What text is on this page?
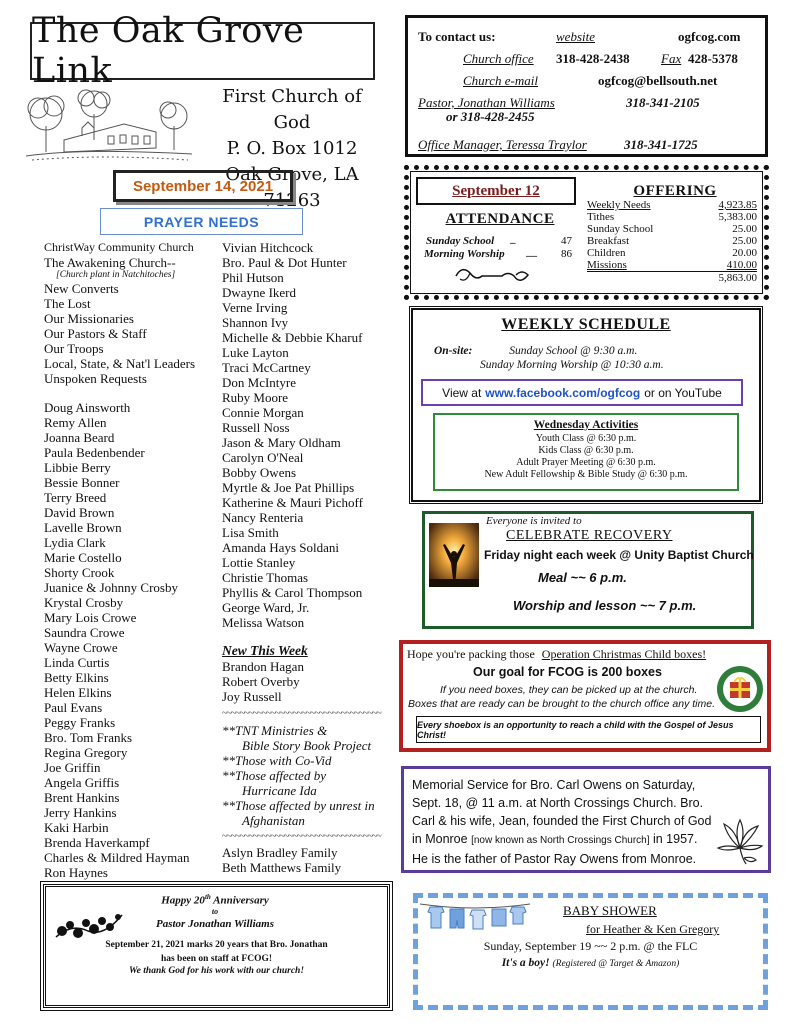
The Oak Grove Link
First Church of God
P. O. Box 1012
Oak Grove, LA 71263
September 14, 2021
PRAYER NEEDS
ChristWay Community Church
The Awakening Church--
[Church plant in Natchitoches]
New Converts
The Lost
Our Missionaries
Our Pastors & Staff
Our Troops
Local, State, & Nat'l Leaders
Unspoken Requests
Doug Ainsworth
Remy Allen
Joanna Beard
Paula Bedenbender
Libbie Berry
Bessie Bonner
Terry Breed
David Brown
Lavelle Brown
Lydia Clark
Marie Costello
Shorty Crook
Juanice & Johnny Crosby
Krystal Crosby
Mary Lois Crowe
Saundra Crowe
Wayne Crowe
Linda Curtis
Betty Elkins
Helen Elkins
Paul Evans
Peggy Franks
Bro. Tom Franks
Regina Gregory
Joe Griffin
Angela Griffis
Brent Hankins
Jerry Hankins
Kaki Harbin
Brenda Haverkampf
Charles & Mildred Hayman
Ron Haynes
Vivian Hitchcock
Bro. Paul & Dot Hunter
Phil Hutson
Dwayne Ikerd
Verne Irving
Shannon Ivy
Michelle & Debbie Kharuf
Luke Layton
Traci McCartney
Don McIntyre
Ruby Moore
Connie Morgan
Russell Noss
Jason & Mary Oldham
Carolyn O'Neal
Bobby Owens
Myrtle & Joe Pat Phillips
Katherine & Mauri Pichoff
Nancy Renteria
Lisa Smith
Amanda Hays Soldani
Lottie Stanley
Christie Thomas
Phyllis & Carol Thompson
George Ward, Jr.
Melissa Watson
New This Week
Brandon Hagan
Robert Overby
Joy Russell
~~~~~~~~~~~~~~~~~~~~~~~~~~~~~~~~~~~~
**TNT Ministries &
Bible Story Book Project
**Those with Co-Vid
**Those affected by
Hurricane Ida
**Those affected by unrest in
Afghanistan
~~~~~~~~~~~~~~~~~~~~~~~~~~~~~~~~~~~~
Aslyn Bradley Family
Beth Matthews Family
To contact us:	website	ogfcog.com
Church office 318-428-2438 Fax 428-5378
Church e-mail	ogfcog@bellsouth.net
Pastor, Jonathan Williams	318-341-2105
or 318-428-2455
Office Manager, Teressa Traylor	318-341-1725
September 12
ATTENDANCE
Sunday School _	47
Morning Worship __ 86
OFFERING
Weekly Needs	4,923.85
Tithes	5,383.00
Sunday School	25.00
Breakfast	25.00
Children	20.00
Missions	410.00
5,863.00
WEEKLY SCHEDULE
On-site:	Sunday School @ 9:30 a.m.
Sunday Morning Worship @ 10:30 a.m.
View at www.facebook.com/ogfcog or on YouTube
Wednesday Activities
Youth Class @ 6:30 p.m.
Kids Class @ 6:30 p.m.
Adult Prayer Meeting @ 6:30 p.m.
New Adult Fellowship & Bible Study @ 6:30 p.m.
Everyone is invited to
CELEBRATE RECOVERY
Friday night each week @ Unity Baptist Church
Meal ~~ 6 p.m.
Worship and lesson ~~ 7 p.m.
Hope you're packing those Operation Christmas Child boxes!
Our goal for FCOG is 200 boxes
If you need boxes, they can be picked up at the church.
Boxes that are ready can be brought to the church office any time.
Every shoebox is an opportunity to reach a child with the Gospel of Jesus Christ!
Memorial Service for Bro. Carl Owens on Saturday, Sept. 18, @ 11 a.m. at North Crossings Church. Bro. Carl & his wife, Jean, founded the First Church of God in Monroe [now known as North Crossings Church] in 1957. He is the father of Pastor Ray Owens from Monroe.
Happy 20th Anniversary
to
Pastor Jonathan Williams
September 21, 2021 marks 20 years that Bro. Jonathan
has been on staff at FCOG!
We thank God for his work with our church!
BABY SHOWER
for Heather & Ken Gregory
Sunday, September 19 ~~ 2 p.m. @ the FLC
It's a boy! (Registered @ Target & Amazon)
